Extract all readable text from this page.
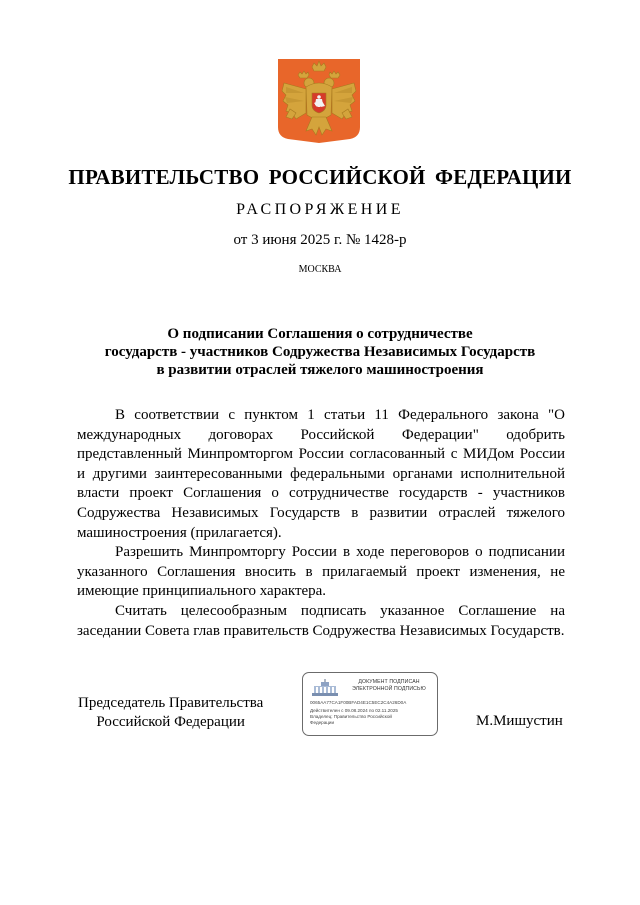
ПРАВИТЕЛЬСТВО РОССИЙСКОЙ ФЕДЕРАЦИИ
РАСПОРЯЖЕНИЕ
от 3 июня 2025 г. № 1428-р
МОСКВА
О подписании Соглашения о сотрудничестве
государств - участников Содружества Независимых Государств
в развитии отраслей тяжелого машиностроения

В соответствии с пунктом 1 статьи 11 Федерального закона "О международных договорах Российской Федерации" одобрить представленный Минпромторгом России согласованный с МИДом России и другими заинтересованными федеральными органами исполнительной власти проект Соглашения о сотрудничестве государств - участников Содружества Независимых Государств в развитии отраслей тяжелого машиностроения (прилагается).

Разрешить Минпромторгу России в ходе переговоров о подписании указанного Соглашения вносить в прилагаемый проект изменения, не имеющие принципиального характера.

Считать целесообразным подписать указанное Соглашение на заседании Совета глав правительств Содружества Независимых Государств.

Председатель Правительства
Российской Федерации
ДОКУМЕНТ ПОДПИСАН
ЭЛЕКТРОННОЙ ПОДПИСЬЮ
0065AA77CA1F00BFAD4E1C5EC2C4A26D0A
Действителен с 09.08.2024 по 02.11.2025
Владелец: Правительство Российской
Федерации	М.Мишустин
